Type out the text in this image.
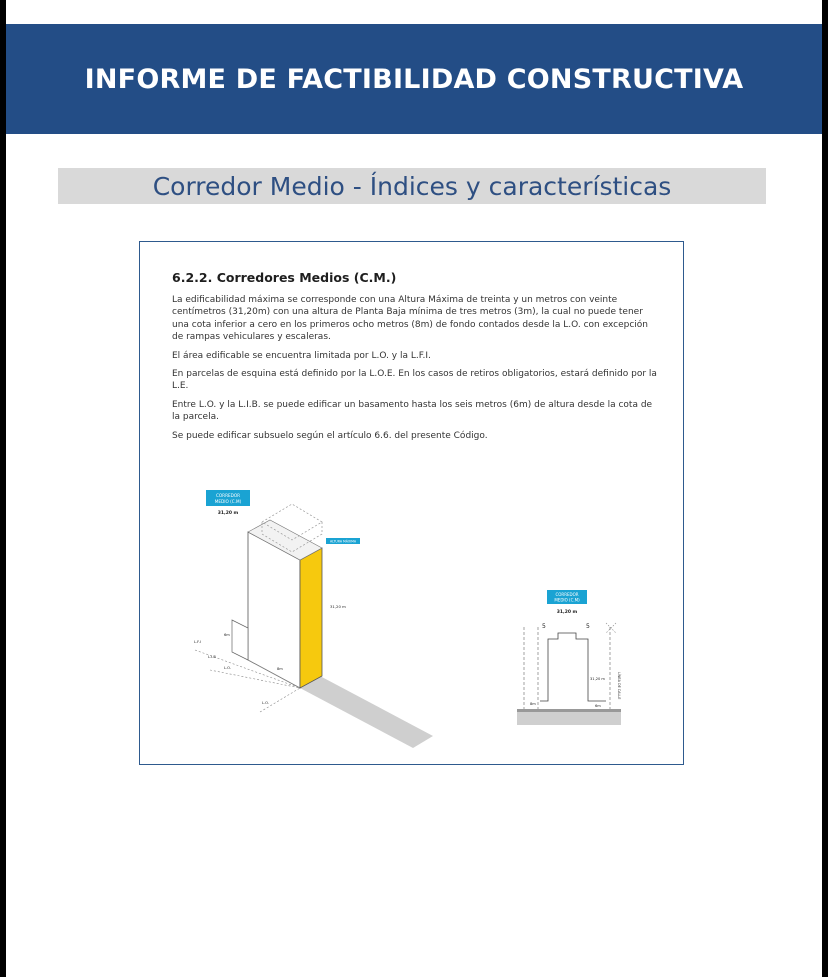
INFORME DE FACTIBILIDAD CONSTRUCTIVA
Corredor Medio - Índices y características
6.2.2. Corredores Medios (C.M.)

La edificabilidad máxima se corresponde con una Altura Máxima de treinta y un metros con veinte centímetros (31,20m) con una altura de Planta Baja mínima de tres metros (3m), la cual no puede tener una cota inferior a cero en los primeros ocho metros (8m) de fondo contados desde la L.O. con excepción de rampas vehiculares y escaleras.

El área edificable se encuentra limitada por L.O. y la L.F.I.

En parcelas de esquina está definido por la L.O.E. En los casos de retiros obligatorios, estará definido por la L.E.

Entre L.O. y la L.I.B. se puede edificar un basamento hasta los seis metros (6m) de altura desde la cota de la parcela.

Se puede edificar subsuelo según el artículo 6.6. del presente Código.

CORREDOR
MEDIO (C.M)
31,20 m
ALTURA MÁXIMA
31,20 m
L.F.I
L.I.B
L.O.
L.O.
6m
8m
CORREDOR
MEDIO (C.M)
31,20 m
5
5
31,20 m
8m	6m
LÍNEA DE CALLE
